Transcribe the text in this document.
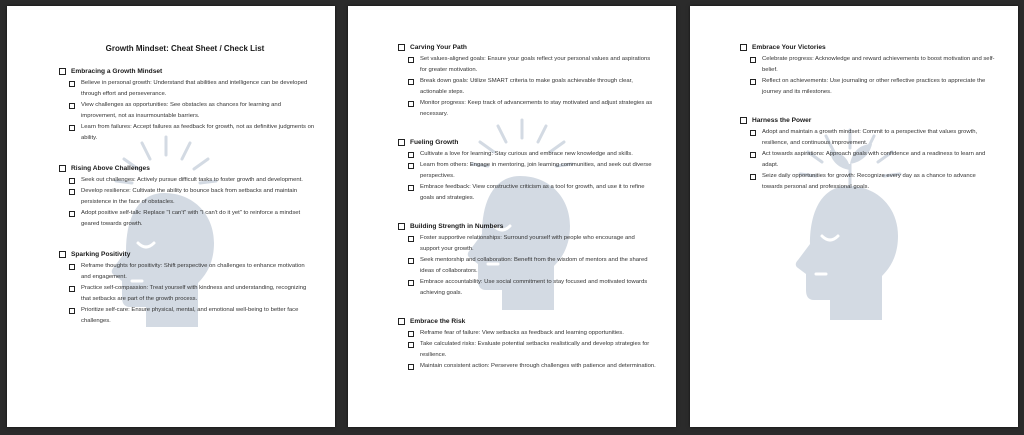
Growth Mindset: Cheat Sheet / Check List
Embracing a Growth Mindset
Believe in personal growth: Understand that abilities and intelligence can be developed through effort and perseverance.
View challenges as opportunities: See obstacles as chances for learning and improvement, not as insurmountable barriers.
Learn from failures: Accept failures as feedback for growth, not as definitive judgments on ability.
Rising Above Challenges
Seek out challenges: Actively pursue difficult tasks to foster growth and development.
Develop resilience: Cultivate the ability to bounce back from setbacks and maintain persistence in the face of obstacles.
Adopt positive self-talk: Replace "I can't" with "I can't do it yet" to reinforce a mindset geared towards growth.
Sparking Positivity
Reframe thoughts for positivity: Shift perspective on challenges to enhance motivation and engagement.
Practice self-compassion: Treat yourself with kindness and understanding, recognizing that setbacks are part of the growth process.
Prioritize self-care: Ensure physical, mental, and emotional well-being to better face challenges.
Carving Your Path
Set values-aligned goals: Ensure your goals reflect your personal values and aspirations for greater motivation.
Break down goals: Utilize SMART criteria to make goals achievable through clear, actionable steps.
Monitor progress: Keep track of advancements to stay motivated and adjust strategies as necessary.
Fueling Growth
Cultivate a love for learning: Stay curious and embrace new knowledge and skills.
Learn from others: Engage in mentoring, join learning communities, and seek out diverse perspectives.
Embrace feedback: View constructive criticism as a tool for growth, and use it to refine goals and strategies.
Building Strength in Numbers
Foster supportive relationships: Surround yourself with people who encourage and support your growth.
Seek mentorship and collaboration: Benefit from the wisdom of mentors and the shared ideas of collaborators.
Embrace accountability: Use social commitment to stay focused and motivated towards achieving goals.
Embrace the Risk
Reframe fear of failure: View setbacks as feedback and learning opportunities.
Take calculated risks: Evaluate potential setbacks realistically and develop strategies for resilience.
Maintain consistent action: Persevere through challenges with patience and determination.
Embrace Your Victories
Celebrate progress: Acknowledge and reward achievements to boost motivation and self-belief.
Reflect on achievements: Use journaling or other reflective practices to appreciate the journey and its milestones.
Harness the Power
Adopt and maintain a growth mindset: Commit to a perspective that values growth, resilience, and continuous improvement.
Act towards aspirations: Approach goals with confidence and a readiness to learn and adapt.
Seize daily opportunities for growth: Recognize every day as a chance to advance towards personal and professional goals.
